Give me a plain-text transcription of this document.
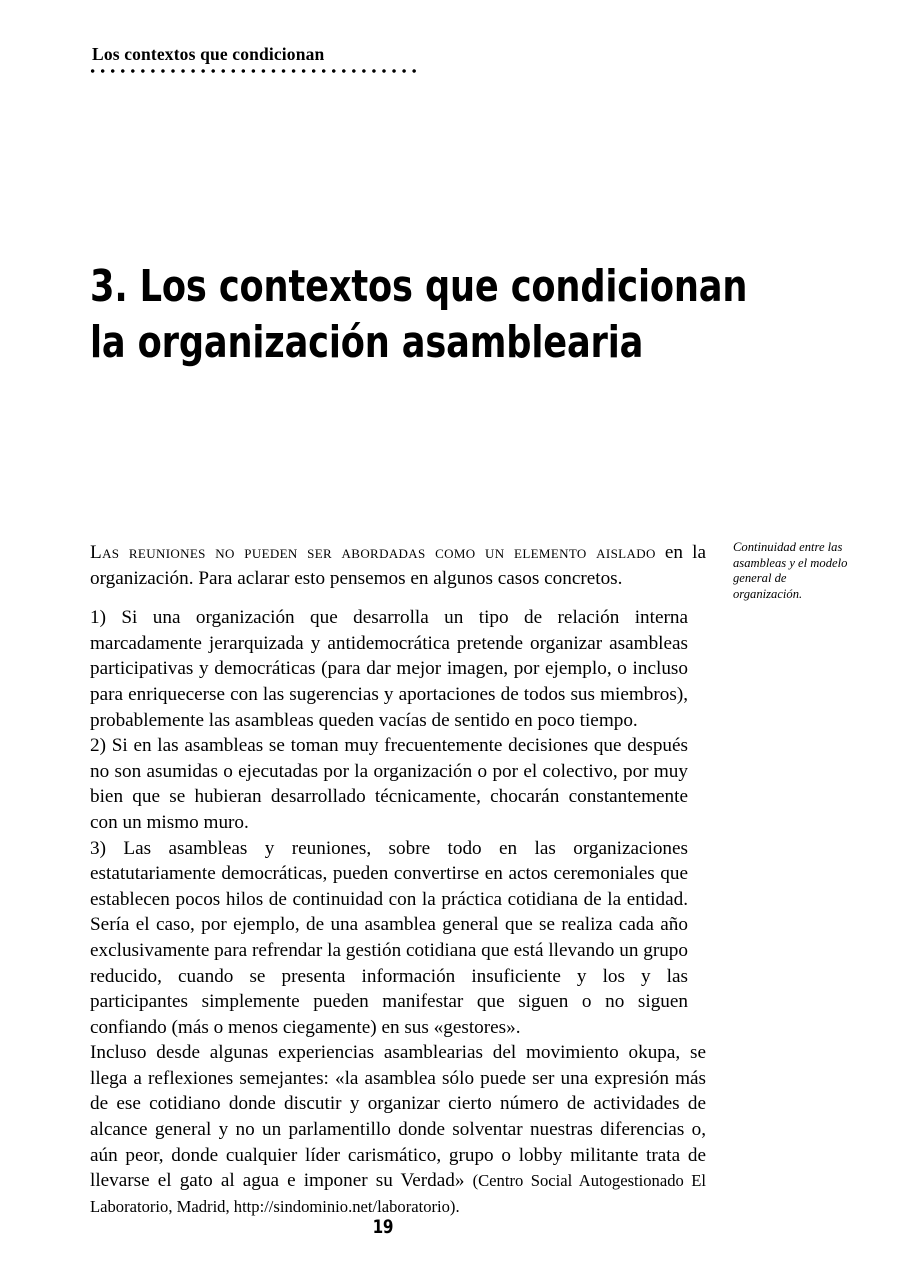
Los contextos que condicionan
3. Los contextos que condicionan
la organización asamblearia
Continuidad entre las asambleas y el modelo general de organización.

Las reuniones no pueden ser abordadas como un elemento aislado en la organización. Para aclarar esto pensemos en algunos casos concretos.

1) Si una organización que desarrolla un tipo de relación interna marcadamente jerarquizada y antidemocrática pretende organizar asambleas participativas y democráticas (para dar mejor imagen, por ejemplo, o incluso para enriquecerse con las sugerencias y aportaciones de todos sus miembros), probablemente las asambleas queden vacías de sentido en poco tiempo.

2) Si en las asambleas se toman muy frecuentemente decisiones que después no son asumidas o ejecutadas por la organización o por el colectivo, por muy bien que se hubieran desarrollado técnicamente, chocarán constantemente con un mismo muro.

3) Las asambleas y reuniones, sobre todo en las organizaciones estatutariamente democráticas, pueden convertirse en actos ceremoniales que establecen pocos hilos de continuidad con la práctica cotidiana de la entidad. Sería el caso, por ejemplo, de una asamblea general que se realiza cada año exclusivamente para refrendar la gestión cotidiana que está llevando un grupo reducido, cuando se presenta información insuficiente y los y las participantes simplemente pueden manifestar que siguen o no siguen confiando (más o menos ciegamente) en sus «gestores».

Incluso desde algunas experiencias asamblearias del movimiento okupa, se llega a reflexiones semejantes: «la asamblea sólo puede ser una expresión más de ese cotidiano donde discutir y organizar cierto número de actividades de alcance general y no un parlamentillo donde solventar nuestras diferencias o, aún peor, donde cualquier líder carismático, grupo o lobby militante trata de llevarse el gato al agua e imponer su Verdad» (Centro Social Autogestionado El Laboratorio, Madrid, http://sindominio.net/laboratorio).

19
